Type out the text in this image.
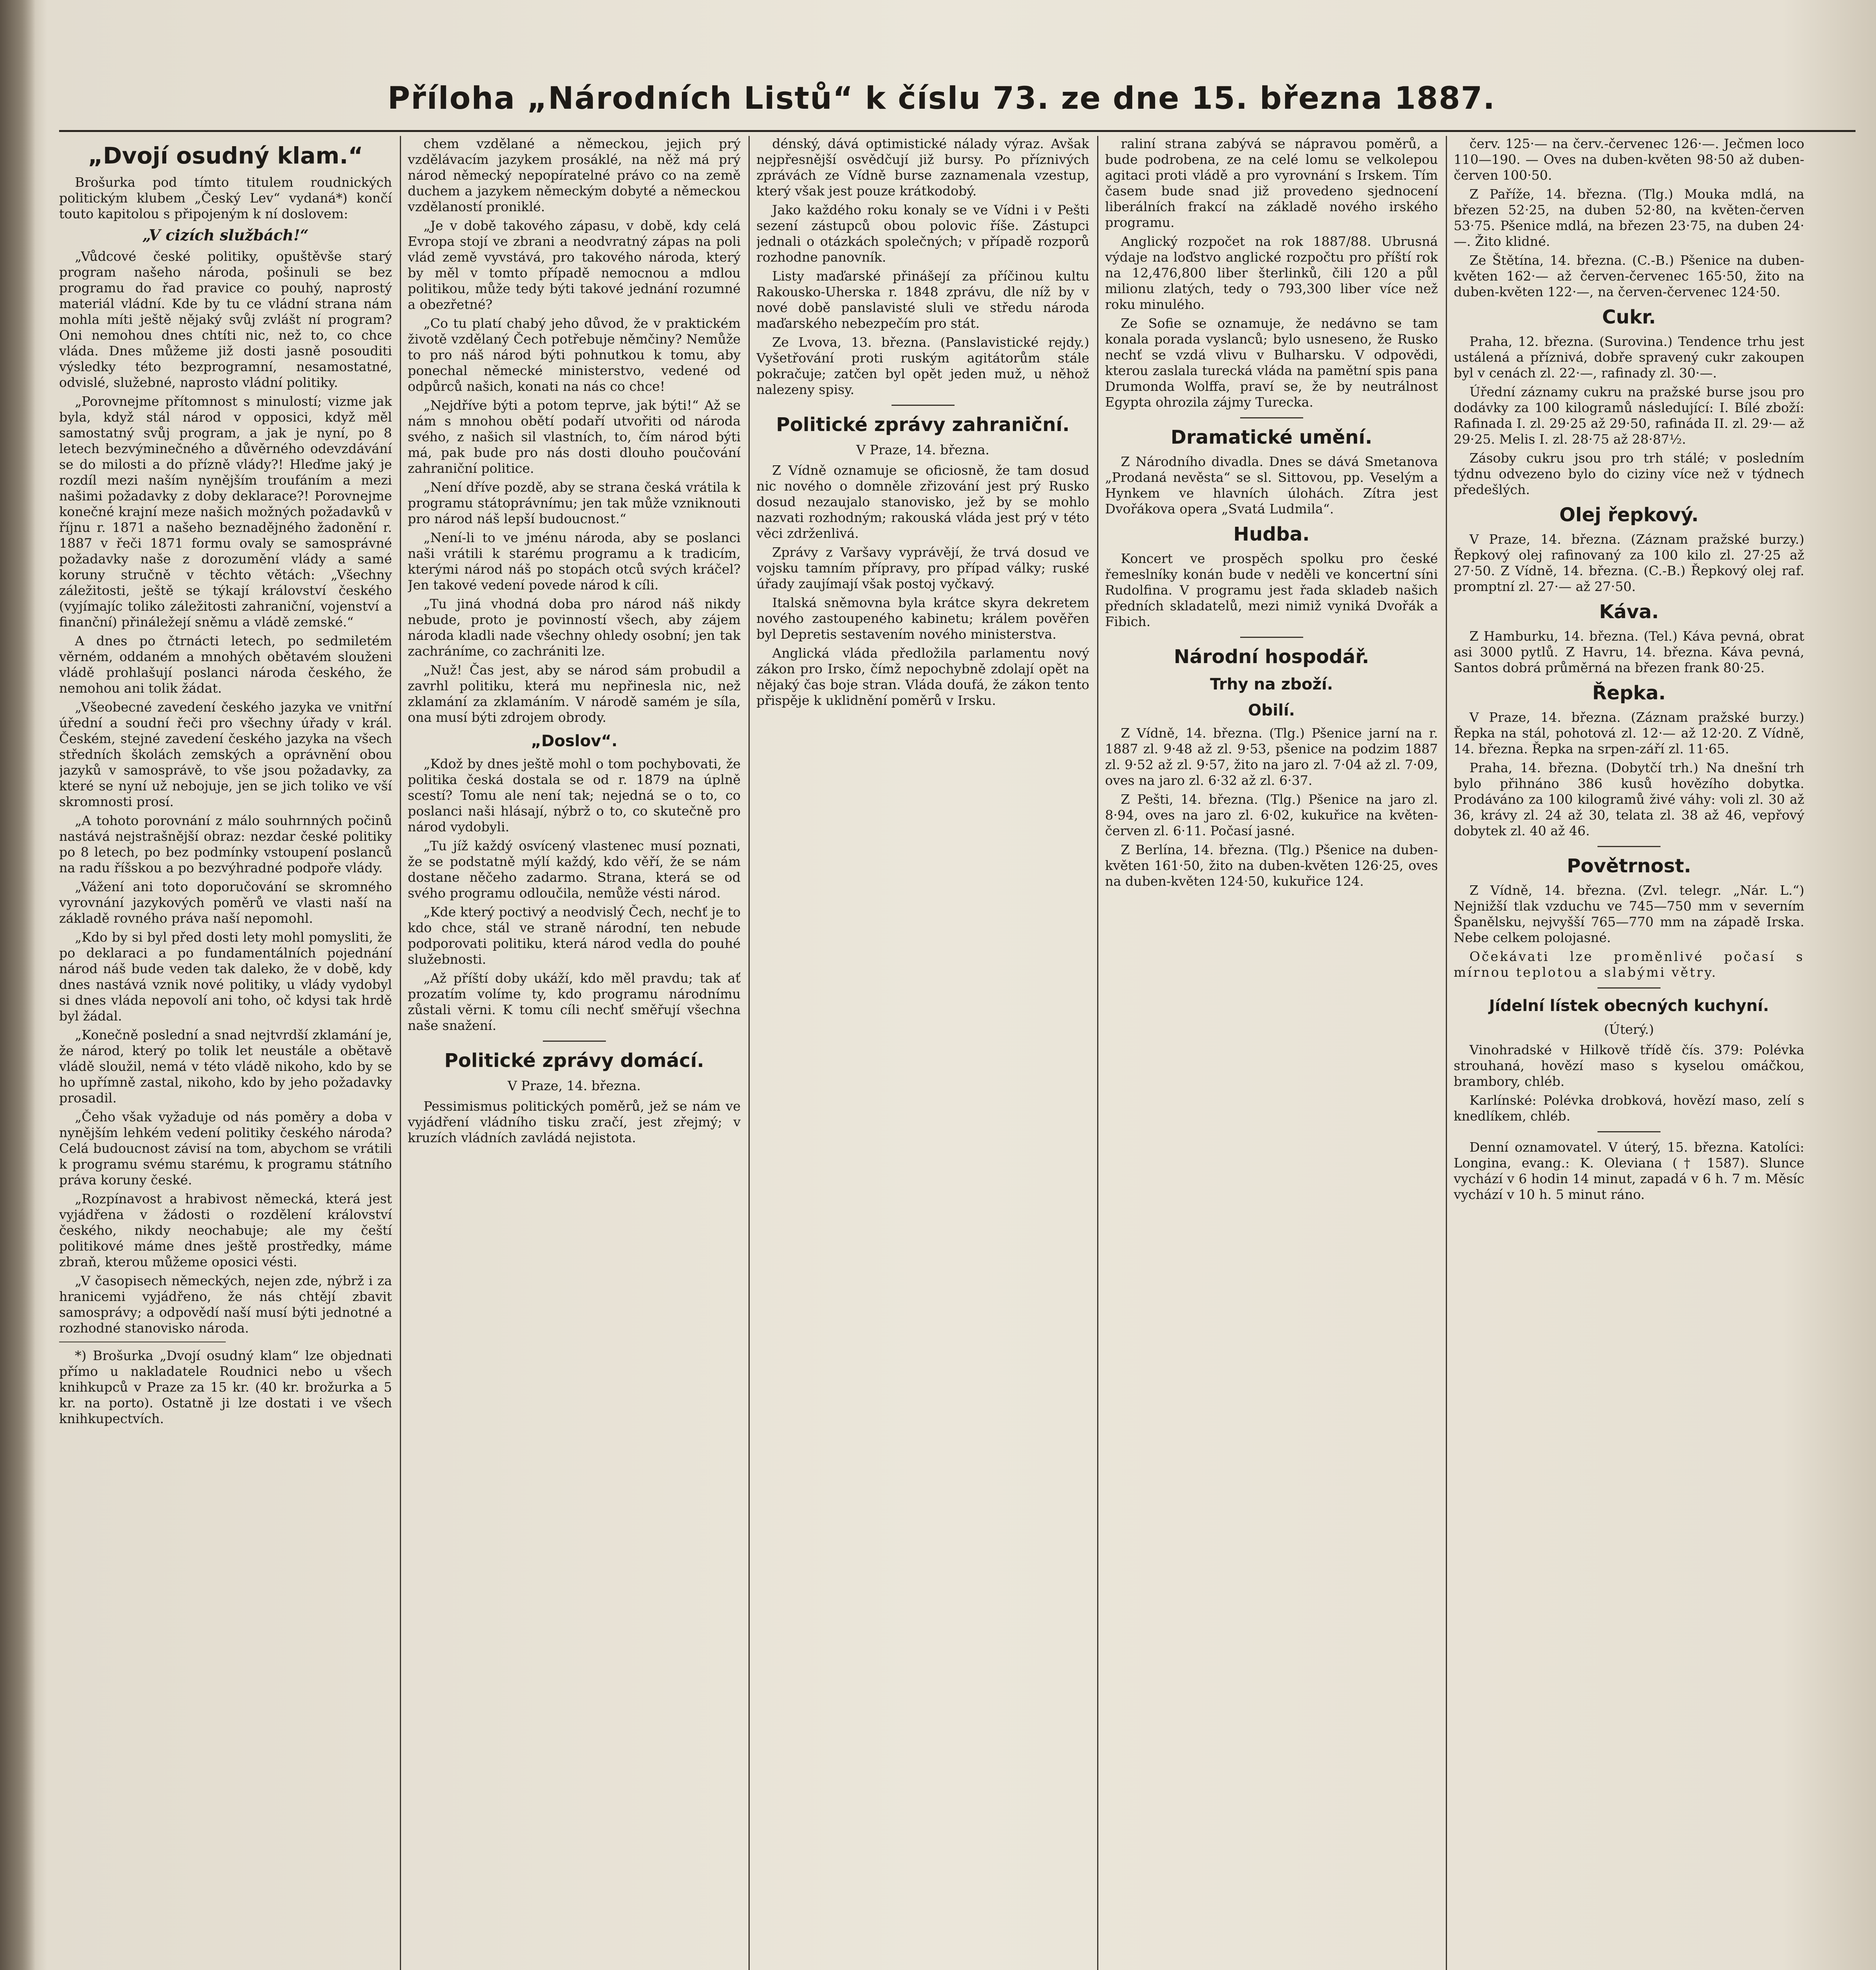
Příloha „Národních Listů“ k číslu 73. ze dne 15. března 1887.
„Dvojí osudný klam.“

Brošurka pod tímto titulem roudnických politickým klubem „Český Lev“ vydaná*) končí touto kapitolou s připojeným k ní doslovem:

„V cizích službách!“

„Vůdcové české politiky, opuštěvše starý program našeho národa, pošinuli se bez programu do řad pravice co pouhý, naprostý materiál vládní. Kde by tu ce vládní strana nám mohla míti ještě nějaký svůj zvlášt ní program? Oni nemohou dnes chtíti nic, než to, co chce vláda. Dnes můžeme již dosti jasně posouditi výsledky této bezprogramní, nesamostatné, odvislé, služebné, naprosto vládní politiky.

„Porovnejme přítomnost s minulostí; vizme jak byla, když stál národ v opposici, když měl samostatný svůj program, a jak je nyní, po 8 letech bezvýminečného a důvěrného odevzdávání se do milosti a do přízně vlády?! Hleďme jaký je rozdíl mezi naším nynějším troufáním a mezi našimi požadavky z doby deklarace?! Porovnejme konečné krajní meze našich možných požadavků v říjnu r. 1871 a našeho beznadějného žadonění r. 1887 v řeči 1871 formu ovaly se samosprávné požadavky naše z dorozumění vlády a samé koruny stručně v těchto větách: „Všechny záležitosti, ještě se týkají království českého (vyjímajíc toliko záležitosti zahraniční, vojenství a finanční) přináležejí sněmu a vládě zemské.“

A dnes po čtrnácti letech, po sedmiletém věrném, oddaném a mnohých obětavém slouženi vládě prohlašují poslanci národa českého, že nemohou ani tolik žádat.

„Všeobecné zavedení českého jazyka ve vnitřní úřední a soudní řeči pro všechny úřady v král. Českém, stejné zavedení českého jazyka na všech středních školách zemských a oprávnění obou jazyků v samosprávě, to vše jsou požadavky, za které se nyní už nebojuje, jen se jich toliko ve vší skromnosti prosí.

„A tohoto porovnání z málo souhrnných počinů nastává nejstrašnější obraz: nezdar české politiky po 8 letech, po bez podmínky vstoupení poslanců na radu říšskou a po bezvýhradné podpoře vlády.

„Vážení ani toto doporučování se skromného vyrovnání jazykových poměrů ve vlasti naší na základě rovného práva naší nepomohl.

„Kdo by si byl před dosti lety mohl pomysliti, že po deklaraci a po fundamentálních pojednání národ náš bude veden tak daleko, že v době, kdy dnes nastává vznik nové politiky, u vlády vydobyl si dnes vláda nepovolí ani toho, oč kdysi tak hrdě byl žádal.

„Konečně poslední a snad nejtvrdší zklamání je, že národ, který po tolik let neustále a obětavě vládě sloužil, nemá v této vládě nikoho, kdo by se ho upřímně zastal, nikoho, kdo by jeho požadavky prosadil.

„Čeho však vyžaduje od nás poměry a doba v nynějším lehkém vedení politiky českého národa? Celá budoucnost závisí na tom, abychom se vrátili k programu svému starému, k programu státního práva koruny české.

„Rozpínavost a hrabivost německá, která jest vyjádřena v žádosti o rozdělení království českého, nikdy neochabuje; ale my čeští politikové máme dnes ještě prostředky, máme zbraň, kterou můžeme oposici vésti.

„V časopisech německých, nejen zde, nýbrž i za hranicemi vyjádřeno, že nás chtějí zbavit samosprávy; a odpovědí naší musí býti jednotné a rozhodné stanovisko národa.

*) Brošurka „Dvojí osudný klam“ lze objednati přímo u nakladatele Roudnici nebo u všech knihkupců v Praze za 15 kr. (40 kr. brožurka a 5 kr. na porto). Ostatně ji lze dostati i ve všech knihkupectvích.

chem vzdělané a německou, jejich prý vzdělávacím jazykem prosáklé, na něž má prý národ německý nepopíratelné právo co na země duchem a jazykem německým dobyté a německou vzdělaností proniklé.

„Je v době takového zápasu, v době, kdy celá Evropa stojí ve zbrani a neodvratný zápas na poli vlád země vyvstává, pro takového národa, který by měl v tomto případě nemocnou a mdlou politikou, může tedy býti takové jednání rozumné a obezřetné?

„Co tu platí chabý jeho důvod, že v praktickém životě vzdělaný Čech potřebuje němčiny? Nemůže to pro náš národ býti pohnutkou k tomu, aby ponechal německé ministerstvo, vedené od odpůrců našich, konati na nás co chce!

„Nejdříve býti a potom teprve, jak býti!“ Až se nám s mnohou obětí podaří utvořiti od národa svého, z našich sil vlastních, to, čím národ býti má, pak bude pro nás dosti dlouho poučování zahraniční politice.

„Není dříve pozdě, aby se strana česká vrátila k programu státoprávnímu; jen tak může vzniknouti pro národ náš lepší budoucnost.“

„Není-li to ve jménu národa, aby se poslanci naši vrátili k starému programu a k tradicím, kterými národ náš po stopách otců svých kráčel? Jen takové vedení povede národ k cíli.

„Tu jiná vhodná doba pro národ náš nikdy nebude, proto je povinností všech, aby zájem národa kladli nade všechny ohledy osobní; jen tak zachráníme, co zachrániti lze.

„Nuž! Čas jest, aby se národ sám probudil a zavrhl politiku, která mu nepřinesla nic, než zklamání za zklamáním. V národě samém je síla, ona musí býti zdrojem obrody.

„Doslov“.

„Kdož by dnes ještě mohl o tom pochybovati, že politika česká dostala se od r. 1879 na úplně scestí? Tomu ale není tak; nejedná se o to, co poslanci naši hlásají, nýbrž o to, co skutečně pro národ vydobyli.

„Tu jíž každý osvícený vlastenec musí poznati, že se podstatně mýlí každý, kdo věří, že se nám dostane něčeho zadarmo. Strana, která se od svého programu odloučila, nemůže vésti národ.

„Kde který poctivý a neodvislý Čech, nechť je to kdo chce, stál ve straně národní, ten nebude podporovati politiku, která národ vedla do pouhé služebnosti.

„Až příští doby ukáží, kdo měl pravdu; tak ať prozatím volíme ty, kdo programu národnímu zůstali věrni. K tomu cíli nechť směřují všechna naše snažení.

Politické zprávy domácí.
V Praze, 14. března.

Pessimismus politických poměrů, jež se nám ve vyjádření vládního tisku zračí, jest zřejmý; v kruzích vládních zavládá nejistota.

dénský, dává optimistické nálady výraz. Avšak nejpřesnější osvědčují již bursy. Po příznivých zprávách ze Vídně burse zaznamenala vzestup, který však jest pouze krátkodobý.

Jako každého roku konaly se ve Vídni i v Pešti sezení zástupců obou polovic říše. Zástupci jednali o otázkách společných; v případě rozporů rozhodne panovník.

Listy maďarské přinášejí za příčinou kultu Rakousko-Uherska r. 1848 zprávu, dle níž by v nové době panslavisté sluli ve středu národa maďarského nebezpečím pro stát.

Ze Lvova, 13. března. (Panslavistické rejdy.) Vyšetřování proti ruským agitátorům stále pokračuje; zatčen byl opět jeden muž, u něhož nalezeny spisy.

Politické zprávy zahraniční.
V Praze, 14. března.

Z Vídně oznamuje se oficiosně, že tam dosud nic nového o domněle zřizování jest prý Rusko dosud nezaujalo stanovisko, jež by se mohlo nazvati rozhodným; rakouská vláda jest prý v této věci zdrženlivá.

Zprávy z Varšavy vyprávějí, že trvá dosud ve vojsku tamním přípravy, pro případ války; ruské úřady zaujímají však postoj vyčkavý.

Italská sněmovna byla krátce skyra dekretem nového zastoupeného kabinetu; králem pověřen byl Depretis sestavením nového ministerstva.

Anglická vláda předložila parlamentu nový zákon pro Irsko, čímž nepochybně zdolají opět na nějaký čas boje stran. Vláda doufá, že zákon tento přispěje k uklidnění poměrů v Irsku.

raliní strana zabývá se nápravou poměrů, a bude podrobena, ze na celé lomu se velkolepou agitaci proti vládě a pro vyrovnání s Irskem. Tím časem bude snad již provedeno sjednocení liberálních frakcí na základě nového irského programu.

Anglický rozpočet na rok 1887/88. Ubrusná výdaje na loďstvo anglické rozpočtu pro příští rok na 12,476,800 liber šterlinků, čili 120 a půl milionu zlatých, tedy o 793,300 liber více než roku minulého.

Ze Sofie se oznamuje, že nedávno se tam konala porada vyslanců; bylo usneseno, že Rusko nechť se vzdá vlivu v Bulharsku. V odpovědi, kterou zaslala turecká vláda na pamětní spis pana Drumonda Wolffa, praví se, že by neutrálnost Egypta ohrozila zájmy Turecka.

Dramatické umění.

Z Národního divadla. Dnes se dává Smetanova „Prodaná nevěsta“ se sl. Sittovou, pp. Veselým a Hynkem ve hlavních úlohách. Zítra jest Dvořákova opera „Svatá Ludmila“.

Hudba.

Koncert ve prospěch spolku pro české řemeslníky konán bude v neděli ve koncertní síni Rudolfina. V programu jest řada skladeb našich předních skladatelů, mezi nimiž vyniká Dvořák a Fibich.

Národní hospodář.
Trhy na zboží.
Obilí.

Z Vídně, 14. března. (Tlg.) Pšenice jarní na r. 1887 zl. 9·48 až zl. 9·53, pšenice na podzim 1887 zl. 9·52 až zl. 9·57, žito na jaro zl. 7·04 až zl. 7·09, oves na jaro zl. 6·32 až zl. 6·37.

Z Pešti, 14. března. (Tlg.) Pšenice na jaro zl. 8·94, oves na jaro zl. 6·02, kukuřice na květen-červen zl. 6·11. Počasí jasné.

Z Berlína, 14. března. (Tlg.) Pšenice na duben-květen 161·50, žito na duben-květen 126·25, oves na duben-květen 124·50, kukuřice 124.

červ. 125·— na červ.-červenec 126·—. Ječmen loco 110—190. — Oves na duben-květen 98·50 až duben-červen 100·50.

Z Paříže, 14. března. (Tlg.) Mouka mdlá, na březen 52·25, na duben 52·80, na květen-červen 53·75. Pšenice mdlá, na březen 23·75, na duben 24·—. Žito klidné.

Ze Štětína, 14. března. (C.-B.) Pšenice na duben-květen 162·— až červen-červenec 165·50, žito na duben-květen 122·—, na červen-červenec 124·50.

Cukr.

Praha, 12. března. (Surovina.) Tendence trhu jest ustálená a příznivá, dobře spravený cukr zakoupen byl v cenách zl. 22·—, rafinady zl. 30·—.

Úřední záznamy cukru na pražské burse jsou pro dodávky za 100 kilogramů následující: I. Bílé zboží: Rafinada I. zl. 29·25 až 29·50, rafináda II. zl. 29·— až 29·25. Melis I. zl. 28·75 až 28·87½.

Zásoby cukru jsou pro trh stálé; v posledním týdnu odvezeno bylo do ciziny více než v týdnech předešlých.

Olej řepkový.

V Praze, 14. března. (Záznam pražské burzy.) Řepkový olej rafinovaný za 100 kilo zl. 27·25 až 27·50. Z Vídně, 14. března. (C.-B.) Řepkový olej raf. promptní zl. 27·— až 27·50.

Káva.

Z Hamburku, 14. března. (Tel.) Káva pevná, obrat asi 3000 pytlů. Z Havru, 14. března. Káva pevná, Santos dobrá průměrná na březen frank 80·25.

Řepka.

V Praze, 14. března. (Záznam pražské burzy.) Řepka na stál, pohotová zl. 12·— až 12·20. Z Vídně, 14. března. Řepka na srpen-září zl. 11·65.

Praha, 14. března. (Dobytčí trh.) Na dnešní trh bylo přihnáno 386 kusů hovězího dobytka. Prodáváno za 100 kilogramů živé váhy: voli zl. 30 až 36, krávy zl. 24 až 30, telata zl. 38 až 46, vepřový dobytek zl. 40 až 46.

Povětrnost.

Z Vídně, 14. března. (Zvl. telegr. „Nár. L.“) Nejnižší tlak vzduchu ve 745—750 mm v severním Španělsku, nejvyšší 765—770 mm na západě Irska. Nebe celkem polojasné.

Očekávati lze proměnlivé počasí s mírnou teplotou a slabými větry.

Jídelní lístek obecných kuchyní.
(Úterý.)

Vinohradské v Hilkově třídě čís. 379: Polévka strouhaná, hovězí maso s kyselou omáčkou, brambory, chléb.

Karlínské: Polévka drobková, hovězí maso, zelí s knedlíkem, chléb.

Denní oznamovatel. V úterý, 15. března. Katolíci: Longina, evang.: K. Oleviana († 1587). Slunce vychází v 6 hodin 14 minut, zapadá v 6 h. 7 m. Měsíc vychází v 10 h. 5 minut ráno.
